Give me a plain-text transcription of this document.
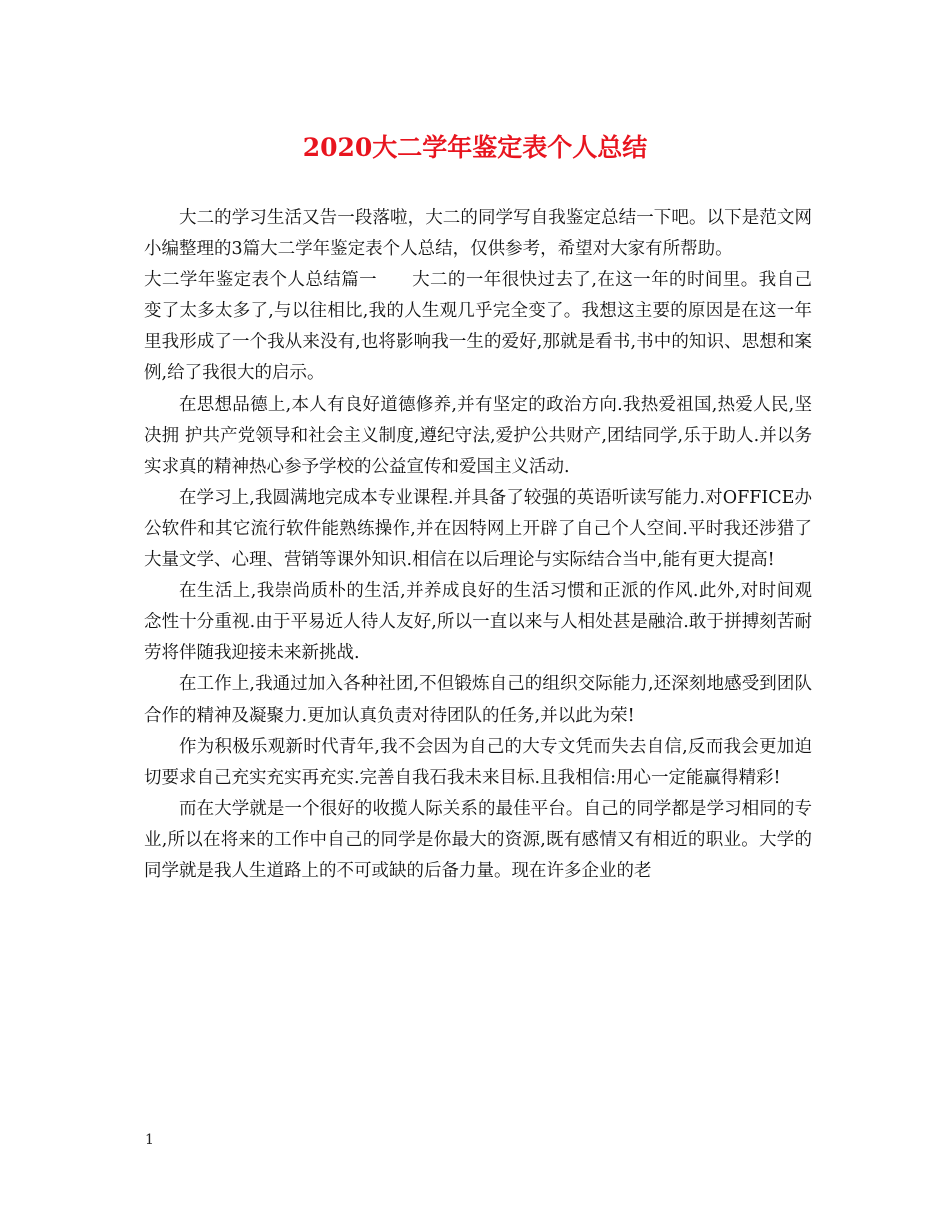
2020大二学年鉴定表个人总结

大二的学习生活又告一段落啦，大二的同学写自我鉴定总结一下吧。以下是范文网小编整理的3篇大二学年鉴定表个人总结，仅供参考，希望对大家有所帮助。

大二学年鉴定表个人总结篇一 大二的一年很快过去了,在这一年的时间里。我自己变了太多太多了,与以往相比,我的人生观几乎完全变了。我想这主要的原因是在这一年里我形成了一个我从来没有,也将影响我一生的爱好,那就是看书,书中的知识、思想和案例,给了我很大的启示。

在思想品德上,本人有良好道德修养,并有坚定的政治方向.我热爱祖国,热爱人民,坚决拥 护共产党领导和社会主义制度,遵纪守法,爱护公共财产,团结同学,乐于助人.并以务实求真的精神热心参予学校的公益宣传和爱国主义活动.

在学习上,我圆满地完成本专业课程.并具备了较强的英语听读写能力.对OFFICE办公软件和其它流行软件能熟练操作,并在因特网上开辟了自己个人空间.平时我还涉猎了大量文学、心理、营销等课外知识.相信在以后理论与实际结合当中,能有更大提高!

在生活上,我崇尚质朴的生活,并养成良好的生活习惯和正派的作风.此外,对时间观念性十分重视.由于平易近人待人友好,所以一直以来与人相处甚是融洽.敢于拼搏刻苦耐劳将伴随我迎接未来新挑战.

在工作上,我通过加入各种社团,不但锻炼自己的组织交际能力,还深刻地感受到团队合作的精神及凝聚力.更加认真负责对待团队的任务,并以此为荣!

作为积极乐观新时代青年,我不会因为自己的大专文凭而失去自信,反而我会更加迫切要求自己充实充实再充实.完善自我石我未来目标.且我相信:用心一定能赢得精彩!

而在大学就是一个很好的收揽人际关系的最佳平台。自己的同学都是学习相同的专业,所以在将来的工作中自己的同学是你最大的资源,既有感情又有相近的职业。大学的同学就是我人生道路上的不可或缺的后备力量。现在许多企业的老

1
